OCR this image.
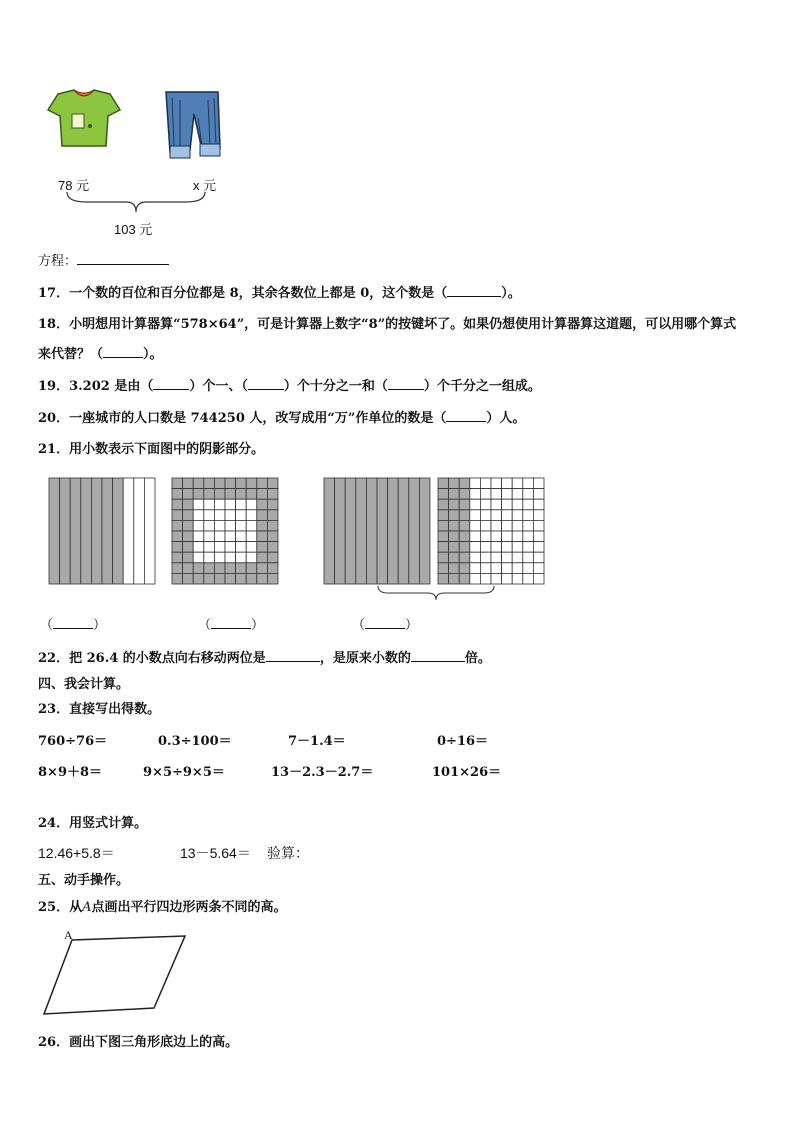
78 元	x 元
103 元
方程：
17．一个数的百位和百分位都是 8，其余各数位上都是 0，这个数是（	）。
18．小明想用计算器算“578×64”，可是计算器上数字“8”的按键坏了。如果仍想使用计算器算这道题，可以用哪个算式
来代替？（	）。
19．3.202 是由（	）个一、（	）个十分之一和（	）个千分之一组成。
20．一座城市的人口数是 744250 人，改写成用“万”作单位的数是（	）人。
21．用小数表示下面图中的阴影部分。
（	）	（	）	（	）
22．把 26.4 的小数点向右移动两位是	，是原来小数的	倍。
四、我会计算。
23．直接写出得数。
760÷76＝	0.3÷100＝	7－1.4＝	0÷16＝
8×9＋8＝	9×5÷9×5＝	13－2.3－2.7＝	101×26＝
24．用竖式计算。
12.46+5.8＝	13－5.64＝ 验算：
五、动手操作。
25．从A点画出平行四边形两条不同的高。
A
26．画出下图三角形底边上的高。
